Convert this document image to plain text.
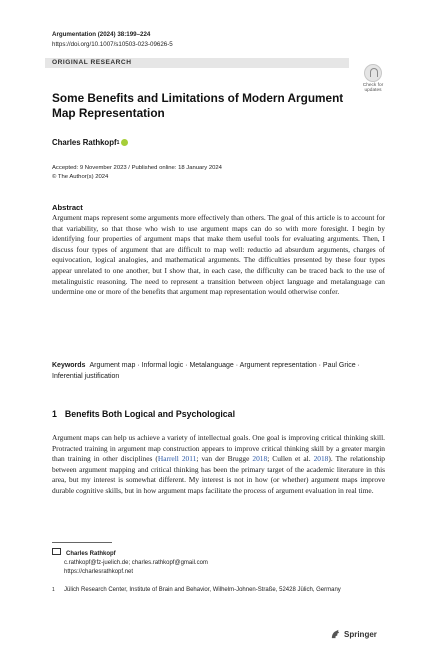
Argumentation (2024) 38:199–224
https://doi.org/10.1007/s10503-023-09626-5
ORIGINAL RESEARCH
Check for
updates
Some Benefits and Limitations of Modern Argument Map Representation
Charles Rathkopf 1
Accepted: 9 November 2023 / Published online: 18 January 2024
© The Author(s) 2024
Abstract
Argument maps represent some arguments more effectively than others. The goal of this article is to account for that variability, so that those who wish to use argument maps can do so with more foresight. I begin by identifying four properties of argument maps that make them useful tools for evaluating arguments. Then, I discuss four types of argument that are difficult to map well: reductio ad absurdum arguments, charges of equivocation, logical analogies, and mathematical arguments. The difficulties presented by these four types appear unrelated to one another, but I show that, in each case, the difficulty can be traced back to the use of metalinguistic reasoning. The need to represent a transition between object language and metalanguage can undermine one or more of the benefits that argument map representation would otherwise confer.
Keywords Argument map · Informal logic · Metalanguage · Argument representation · Paul Grice · Inferential justification
1 Benefits Both Logical and Psychological
Argument maps can help us achieve a variety of intellectual goals. One goal is improving critical thinking skill. Protracted training in argument map construction appears to improve critical thinking skill by a greater margin than training in other disciplines (Harrell 2011; van der Brugge 2018; Cullen et al. 2018). The relationship between argument mapping and critical thinking has been the primary target of the academic literature in this area, but my interest is somewhat different. My interest is not in how (or whether) argument maps improve durable cognitive skills, but in how argument maps facilitate the process of argument evaluation in real time.
Charles Rathkopf
c.rathkopf@fz-juelich.de; charles.rathkopf@gmail.com
https://charlesrathkopf.net
1	Jülich Research Center, Institute of Brain and Behavior, Wilhelm-Johnen-Straße, 52428 Jülich, Germany
Springer
